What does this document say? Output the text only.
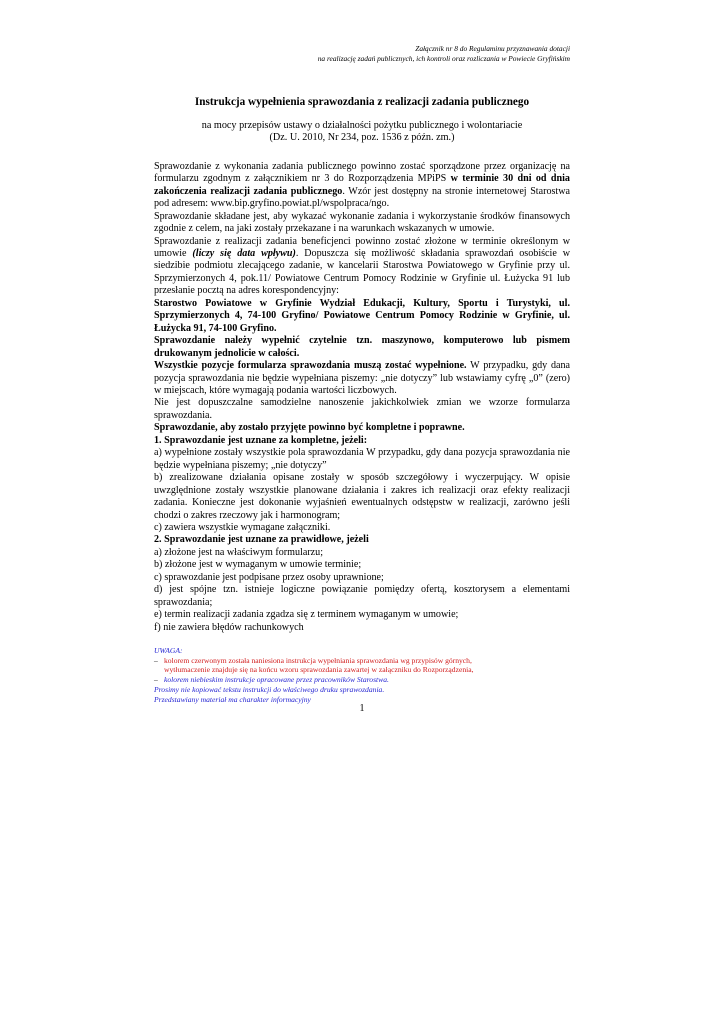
Załącznik nr 8 do Regulaminu przyznawania dotacji
na realizację zadań publicznych, ich kontroli oraz rozliczania w Powiecie Gryfińskim
Instrukcja wypełnienia sprawozdania z realizacji zadania publicznego
na mocy przepisów ustawy o działalności pożytku publicznego i wolontariacie
(Dz. U. 2010, Nr 234, poz. 1536 z późn. zm.)

Sprawozdanie z wykonania zadania publicznego powinno zostać sporządzone przez organizację na formularzu zgodnym z załącznikiem nr 3 do Rozporządzenia MPiPS w terminie 30 dni od dnia zakończenia realizacji zadania publicznego. Wzór jest dostępny na stronie internetowej Starostwa pod adresem: www.bip.gryfino.powiat.pl/wspolpraca/ngo.

Sprawozdanie składane jest, aby wykazać wykonanie zadania i wykorzystanie środków finansowych zgodnie z celem, na jaki zostały przekazane i na warunkach wskazanych w umowie.

Sprawozdanie z realizacji zadania beneficjenci powinno zostać złożone w terminie określonym w umowie (liczy się data wpływu). Dopuszcza się możliwość składania sprawozdań osobiście w siedzibie podmiotu zlecającego zadanie, w kancelarii Starostwa Powiatowego w Gryfinie przy ul. Sprzymierzonych 4, pok.11/ Powiatowe Centrum Pomocy Rodzinie w Gryfinie ul. Łużycka 91 lub przesłanie pocztą na adres korespondencyjny:

Starostwo Powiatowe w Gryfinie Wydział Edukacji, Kultury, Sportu i Turystyki, ul. Sprzymierzonych 4, 74-100 Gryfino/ Powiatowe Centrum Pomocy Rodzinie w Gryfinie, ul. Łużycka 91, 74-100 Gryfino.

Sprawozdanie należy wypełnić czytelnie tzn. maszynowo, komputerowo lub pismem drukowanym jednolicie w całości.

Wszystkie pozycje formularza sprawozdania muszą zostać wypełnione. W przypadku, gdy dana pozycja sprawozdania nie będzie wypełniana piszemy: „nie dotyczy” lub wstawiamy cyfrę „0” (zero) w miejscach, które wymagają podania wartości liczbowych.

Nie jest dopuszczalne samodzielne nanoszenie jakichkolwiek zmian we wzorze formularza sprawozdania.

Sprawozdanie, aby zostało przyjęte powinno być kompletne i poprawne.

1. Sprawozdanie jest uznane za kompletne, jeżeli:

a) wypełnione zostały wszystkie pola sprawozdania W przypadku, gdy dana pozycja sprawozdania nie będzie wypełniana piszemy; „nie dotyczy”

b) zrealizowane działania opisane zostały w sposób szczegółowy i wyczerpujący. W opisie uwzględnione zostały wszystkie planowane działania i zakres ich realizacji oraz efekty realizacji zadania. Konieczne jest dokonanie wyjaśnień ewentualnych odstępstw w realizacji, zarówno jeśli chodzi o zakres rzeczowy jak i harmonogram;

c) zawiera wszystkie wymagane załączniki.

2. Sprawozdanie jest uznane za prawidłowe, jeżeli

a) złożone jest na właściwym formularzu;

b) złożone jest w wymaganym w umowie terminie;

c) sprawozdanie jest podpisane przez osoby uprawnione;

d) jest spójne tzn. istnieje logiczne powiązanie pomiędzy ofertą, kosztorysem a elementami sprawozdania;

e) termin realizacji zadania zgadza się z terminem wymaganym w umowie;

f) nie zawiera błędów rachunkowych

UWAGA:
– kolorem czerwonym została naniesiona instrukcja wypełniania sprawozdania wg przypisów górnych,
wytłumaczenie znajduje się na końcu wzoru sprawozdania zawartej w załączniku do Rozporządzenia,
– kolorem niebieskim instrukcje opracowane przez pracowników Starostwa.
Prosimy nie kopiować tekstu instrukcji do właściwego druku sprawozdania.
Przedstawiany materiał ma charakter informacyjny
1
